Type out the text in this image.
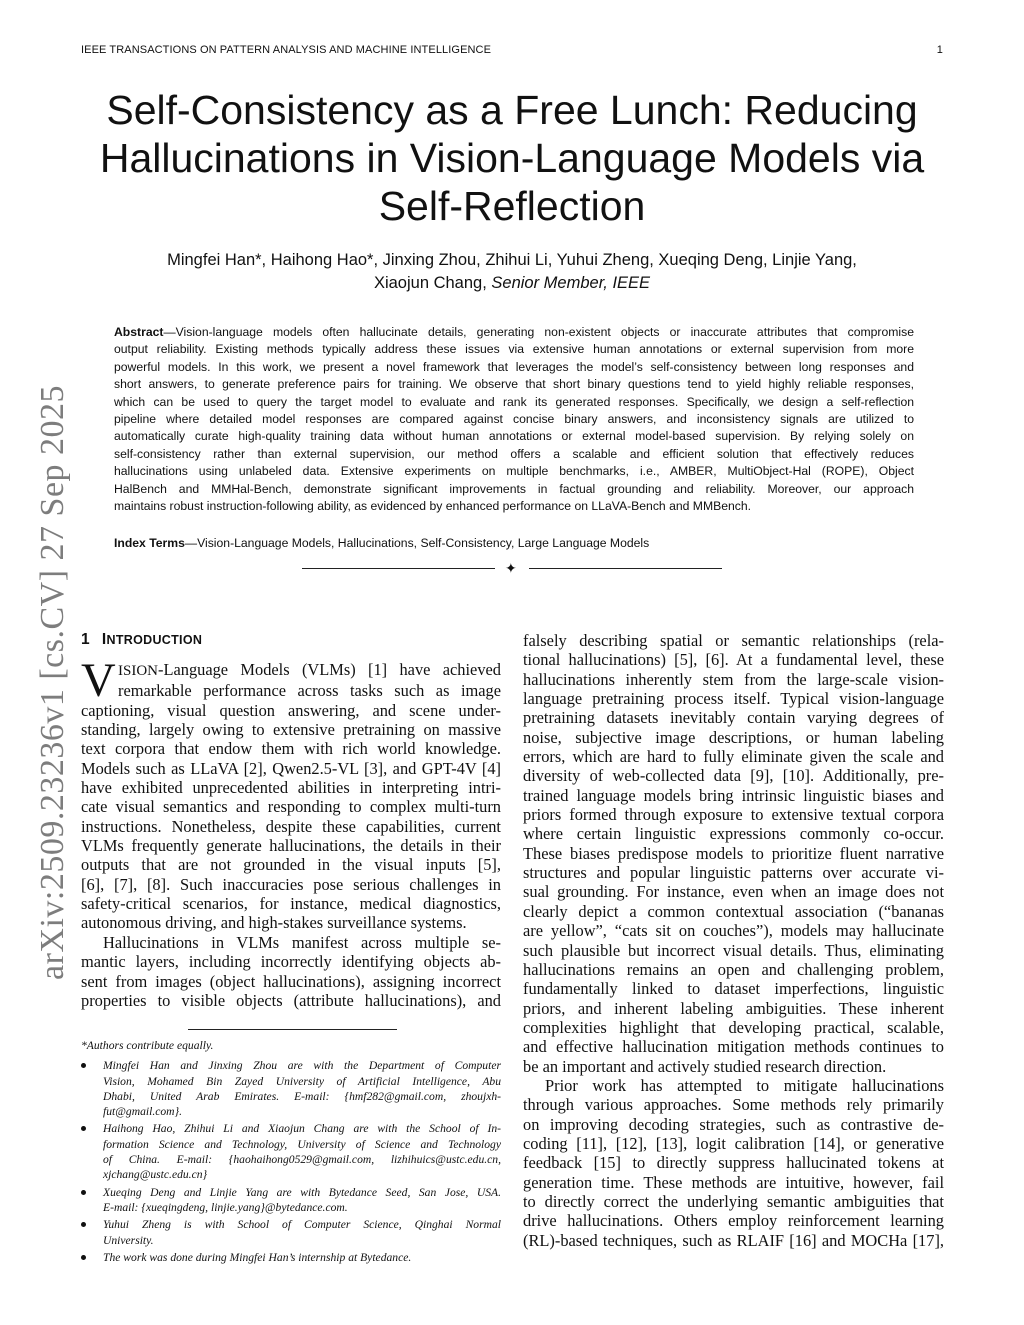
IEEE TRANSACTIONS ON PATTERN ANALYSIS AND MACHINE INTELLIGENCE	1
arXiv:2509.23236v1 [cs.CV] 27 Sep 2025
Self-Consistency as a Free Lunch: Reducing
Hallucinations in Vision-Language Models via
Self-Reflection
Mingfei Han*, Haihong Hao*, Jinxing Zhou, Zhihui Li, Yuhui Zheng, Xueqing Deng, Linjie Yang,
Xiaojun Chang, Senior Member, IEEE
Abstract—Vision-language models often hallucinate details, generating non-existent objects or inaccurate attributes that compromise
output reliability. Existing methods typically address these issues via extensive human annotations or external supervision from more
powerful models. In this work, we present a novel framework that leverages the model’s self-consistency between long responses and
short answers, to generate preference pairs for training. We observe that short binary questions tend to yield highly reliable responses,
which can be used to query the target model to evaluate and rank its generated responses. Specifically, we design a self-reflection
pipeline where detailed model responses are compared against concise binary answers, and inconsistency signals are utilized to
automatically curate high-quality training data without human annotations or external model-based supervision. By relying solely on
self-consistency rather than external supervision, our method offers a scalable and efficient solution that effectively reduces
hallucinations using unlabeled data. Extensive experiments on multiple benchmarks, i.e., AMBER, MultiObject-Hal (ROPE), Object
HalBench and MMHal-Bench, demonstrate significant improvements in factual grounding and reliability. Moreover, our approach
maintains robust instruction-following ability, as evidenced by enhanced performance on LLaVA-Bench and MMBench.
Index Terms—Vision-Language Models, Hallucinations, Self-Consistency, Large Language Models
✦
1 INTRODUCTION
V ISION-Language Models (VLMs) [1] have achieved
remarkable performance across tasks such as image
captioning, visual question answering, and scene under-
standing, largely owing to extensive pretraining on massive
text corpora that endow them with rich world knowledge.
Models such as LLaVA [2], Qwen2.5-VL [3], and GPT-4V [4]
have exhibited unprecedented abilities in interpreting intri-
cate visual semantics and responding to complex multi-turn
instructions. Nonetheless, despite these capabilities, current
VLMs frequently generate hallucinations, the details in their
outputs that are not grounded in the visual inputs [5],
[6], [7], [8]. Such inaccuracies pose serious challenges in
safety-critical scenarios, for instance, medical diagnostics,
autonomous driving, and high-stakes surveillance systems.
Hallucinations in VLMs manifest across multiple se-
mantic layers, including incorrectly identifying objects ab-
sent from images (object hallucinations), assigning incorrect
properties to visible objects (attribute hallucinations), and
*Authors contribute equally.
Mingfei Han and Jinxing Zhou are with the Department of Computer
Vision, Mohamed Bin Zayed University of Artificial Intelligence, Abu
Dhabi, United Arab Emirates. E-mail: {hmf282@gmail.com, zhoujxh-
fut@gmail.com}.
Haihong Hao, Zhihui Li and Xiaojun Chang are with the School of In-
formation Science and Technology, University of Science and Technology
of China. E-mail: {haohaihong0529@gmail.com, lizhihuics@ustc.edu.cn,
xjchang@ustc.edu.cn}
Xueqing Deng and Linjie Yang are with Bytedance Seed, San Jose, USA.
E-mail: {xueqingdeng, linjie.yang}@bytedance.com.
Yuhui Zheng is with School of Computer Science, Qinghai Normal
University.
The work was done during Mingfei Han’s internship at Bytedance.
falsely describing spatial or semantic relationships (rela-
tional hallucinations) [5], [6]. At a fundamental level, these
hallucinations inherently stem from the large-scale vision-
language pretraining process itself. Typical vision-language
pretraining datasets inevitably contain varying degrees of
noise, subjective image descriptions, or human labeling
errors, which are hard to fully eliminate given the scale and
diversity of web-collected data [9], [10]. Additionally, pre-
trained language models bring intrinsic linguistic biases and
priors formed through exposure to extensive textual corpora
where certain linguistic expressions commonly co-occur.
These biases predispose models to prioritize fluent narrative
structures and popular linguistic patterns over accurate vi-
sual grounding. For instance, even when an image does not
clearly depict a common contextual association (“bananas
are yellow”, “cats sit on couches”), models may hallucinate
such plausible but incorrect visual details. Thus, eliminating
hallucinations remains an open and challenging problem,
fundamentally linked to dataset imperfections, linguistic
priors, and inherent labeling ambiguities. These inherent
complexities highlight that developing practical, scalable,
and effective hallucination mitigation methods continues to
be an important and actively studied research direction.
Prior work has attempted to mitigate hallucinations
through various approaches. Some methods rely primarily
on improving decoding strategies, such as contrastive de-
coding [11], [12], [13], logit calibration [14], or generative
feedback [15] to directly suppress hallucinated tokens at
generation time. These methods are intuitive, however, fail
to directly correct the underlying semantic ambiguities that
drive hallucinations. Others employ reinforcement learning
(RL)-based techniques, such as RLAIF [16] and MOCHa [17],
